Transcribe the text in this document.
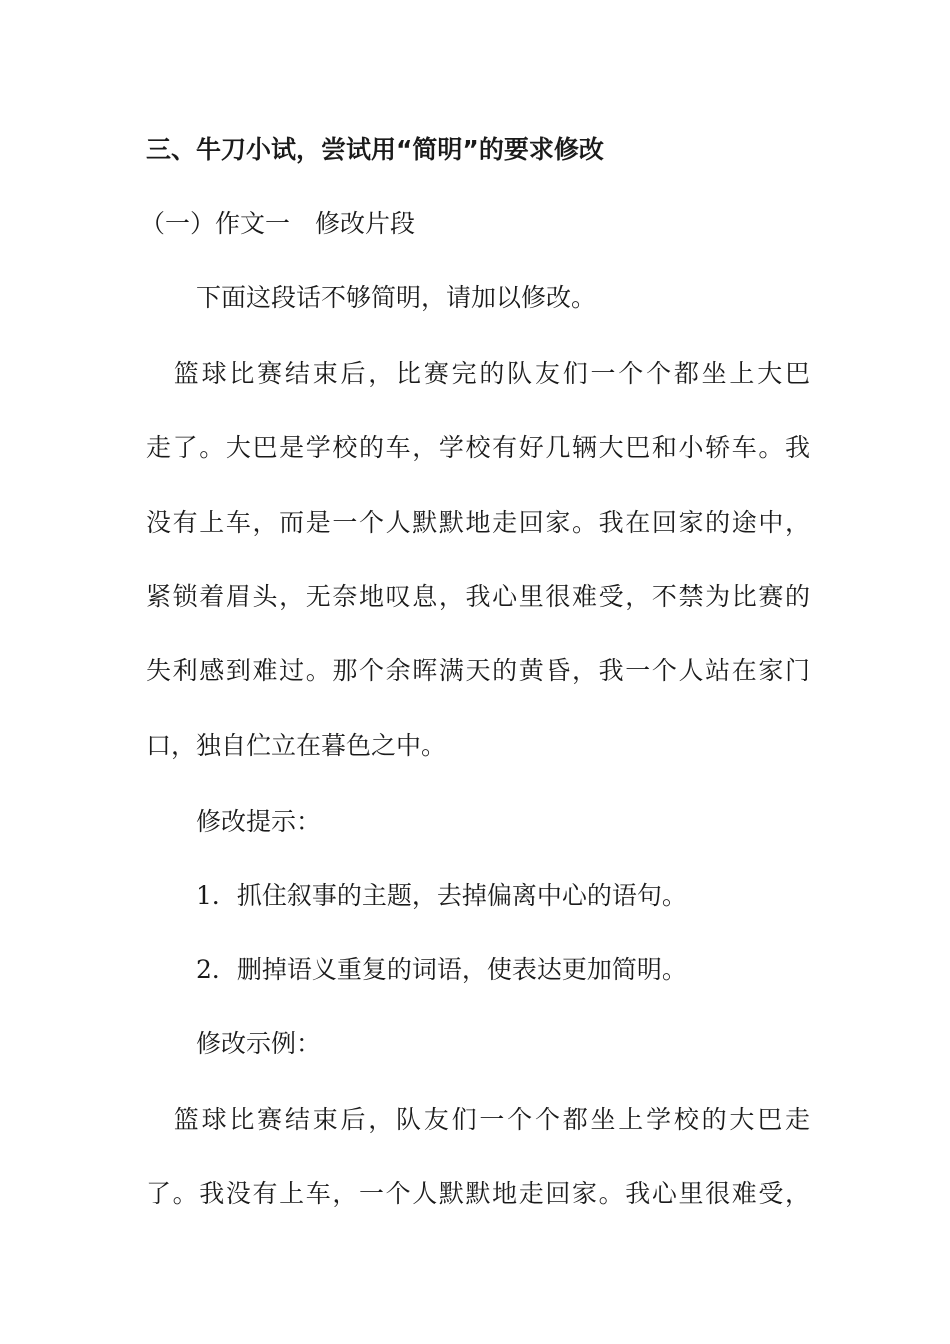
三、牛刀小试，尝试用“简明”的要求修改
（一）作文一　修改片段
下面这段话不够简明，请加以修改。
　篮球比赛结束后，比赛完的队友们一个个都坐上大巴
走了。大巴是学校的车，学校有好几辆大巴和小轿车。我
没有上车，而是一个人默默地走回家。我在回家的途中，
紧锁着眉头，无奈地叹息，我心里很难受，不禁为比赛的
失利感到难过。那个余晖满天的黄昏，我一个人站在家门
口，独自伫立在暮色之中。
修改提示：
1．抓住叙事的主题，去掉偏离中心的语句。
2．删掉语义重复的词语，使表达更加简明。
修改示例：
　篮球比赛结束后，队友们一个个都坐上学校的大巴走
了。我没有上车，一个人默默地走回家。我心里很难受，
